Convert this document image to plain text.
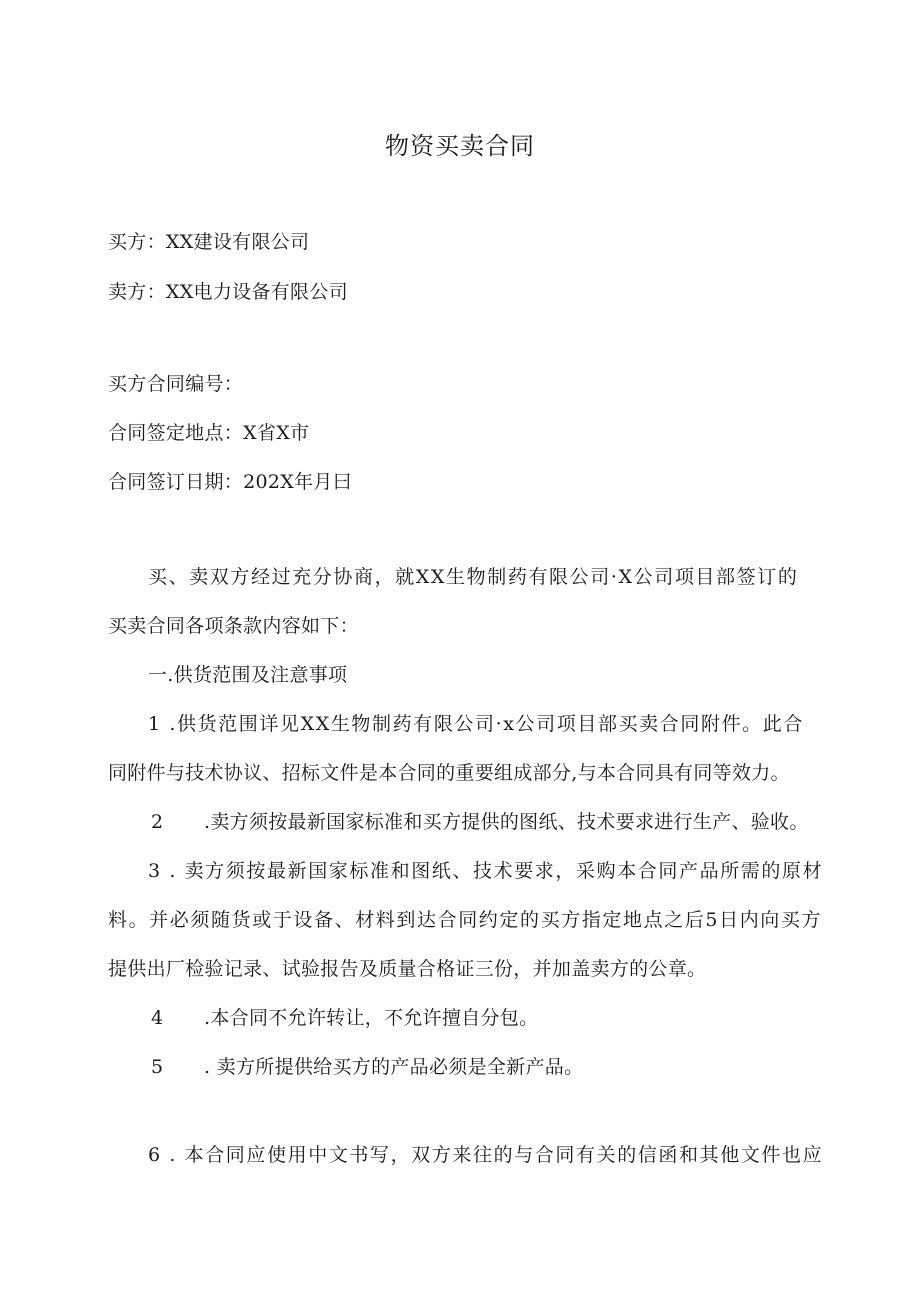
物资买卖合同
买方：XX建设有限公司
卖方：XX电力设备有限公司
买方合同编号：
合同签定地点：X省X市
合同签订日期：202X年月曰
买、卖双方经过充分协商，就XX生物制药有限公司·X公司项目部签订的
买卖合同各项条款内容如下：
一.供货范围及注意事项
1 .供货范围详见XX生物制药有限公司·x公司项目部买卖合同附件。此合
同附件与技术协议、招标文件是本合同的重要组成部分,与本合同具有同等效力。
2 .卖方须按最新国家标准和买方提供的图纸、技术要求进行生产、验收。
3 . 卖方须按最新国家标准和图纸、技术要求，采购本合同产品所需的原材
料。并必须随货或于设备、材料到达合同约定的买方指定地点之后5日内向买方
提供出厂检验记录、试验报告及质量合格证三份，并加盖卖方的公章。
4 .本合同不允许转让，不允许擅自分包。
5 . 卖方所提供给买方的产品必须是全新产品。
6 . 本合同应使用中文书写，双方来往的与合同有关的信函和其他文件也应
